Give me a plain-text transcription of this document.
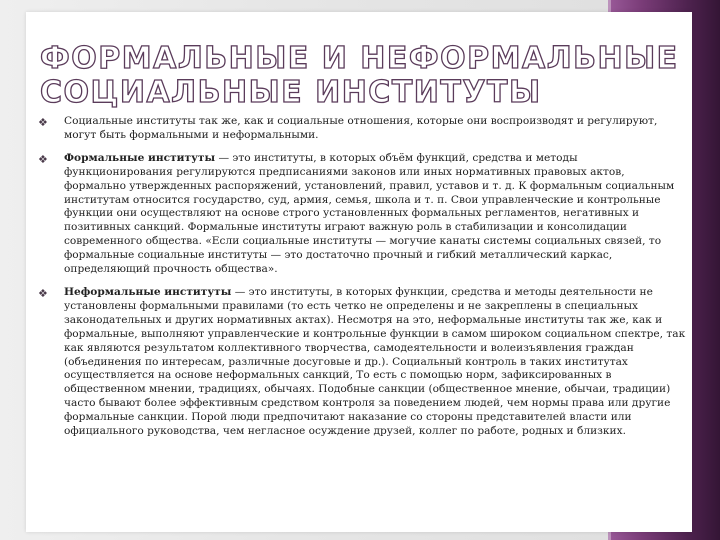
ФОРМАЛЬНЫЕ И НЕФОРМАЛЬНЫЕ СОЦИАЛЬНЫЕ ИНСТИТУТЫ
❖ Социальные институты так же, как и социальные отношения, которые они воспроизводят и регулируют, могут быть формальными и неформальными.
❖ Формальные институты — это институты, в которых объём функций, средства и методы функционирования регулируются предписаниями законов или иных нормативных правовых актов, формально утвержденных распоряжений, установлений, правил, уставов и т. д. К формальным социальным институтам относится государство, суд, армия, семья, школа и т. п. Свои управленческие и контрольные функции они осуществляют на основе строго установленных формальных регламентов, негативных и позитивных санкций. Формальные институты играют важную роль в стабилизации и консолидации современного общества. «Если социальные институты — могучие канаты системы социальных связей, то формальные социальные институты — это достаточно прочный и гибкий металлический каркас, определяющий прочность общества».
❖ Неформальные институты — это институты, в которых функции, средства и методы деятельности не установлены формальными правилами (то есть четко не определены и не закреплены в специальных законодательных и других нормативных актах). Несмотря на это, неформальные институты так же, как и формальные, выполняют управленческие и контрольные функции в самом широком социальном спектре, так как являются результатом коллективного творчества, самодеятельности и волеизъявления граждан (объединения по интересам, различные досуговые и др.). Социальный контроль в таких институтах осуществляется на основе неформальных санкций, То есть с помощью норм, зафиксированных в общественном мнении, традициях, обычаях. Подобные санкции (общественное мнение, обычаи, традиции) часто бывают более эффективным средством контроля за поведением людей, чем нормы права или другие формальные санкции. Порой люди предпочитают наказание со стороны представителей власти или официального руководства, чем негласное осуждение друзей, коллег по работе, родных и близких.
